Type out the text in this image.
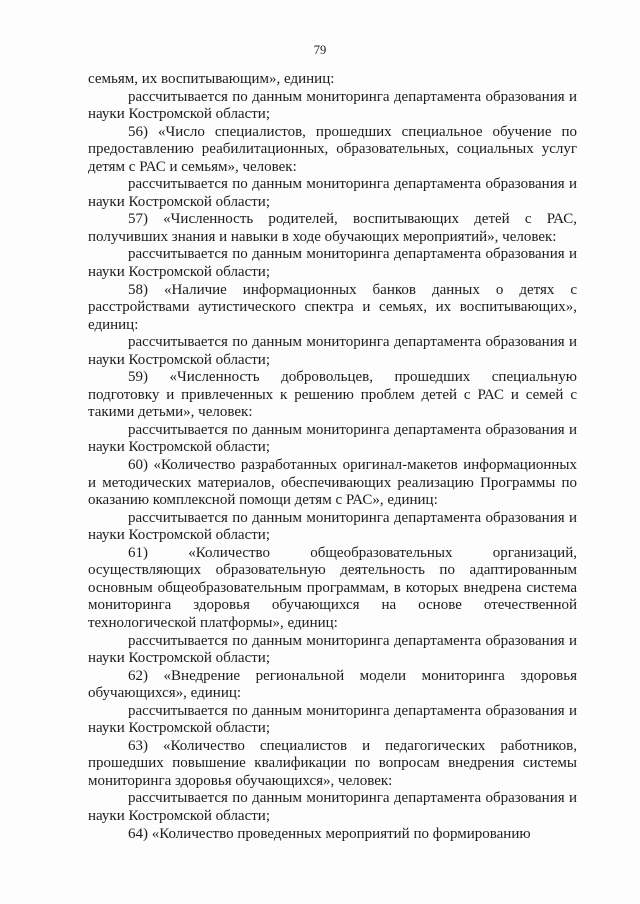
79

семьям, их воспитывающим», единиц:

рассчитывается по данным мониторинга департамента образования и науки Костромской области;

56) «Число специалистов, прошедших специальное обучение по предоставлению реабилитационных, образовательных, социальных услуг детям с РАС и семьям», человек:

рассчитывается по данным мониторинга департамента образования и науки Костромской области;

57) «Численность родителей, воспитывающих детей с РАС, получивших знания и навыки в ходе обучающих мероприятий», человек:

рассчитывается по данным мониторинга департамента образования и науки Костромской области;

58) «Наличие информационных банков данных о детях с расстройствами аутистического спектра и семьях, их воспитывающих», единиц:

рассчитывается по данным мониторинга департамента образования и науки Костромской области;

59) «Численность добровольцев, прошедших специальную подготовку и привлеченных к решению проблем детей с РАС и семей с такими детьми», человек:

рассчитывается по данным мониторинга департамента образования и науки Костромской области;

60) «Количество разработанных оригинал-макетов информационных и методических материалов, обеспечивающих реализацию Программы по оказанию комплексной помощи детям с РАС», единиц:

рассчитывается по данным мониторинга департамента образования и науки Костромской области;

61) «Количество общеобразовательных организаций, осуществляющих образовательную деятельность по адаптированным основным общеобразовательным программам, в которых внедрена система мониторинга здоровья обучающихся на основе отечественной технологической платформы», единиц:

рассчитывается по данным мониторинга департамента образования и науки Костромской области;

62) «Внедрение региональной модели мониторинга здоровья обучающихся», единиц:

рассчитывается по данным мониторинга департамента образования и науки Костромской области;

63) «Количество специалистов и педагогических работников, прошедших повышение квалификации по вопросам внедрения системы мониторинга здоровья обучающихся», человек:

рассчитывается по данным мониторинга департамента образования и науки Костромской области;

64) «Количество проведенных мероприятий по формированию
